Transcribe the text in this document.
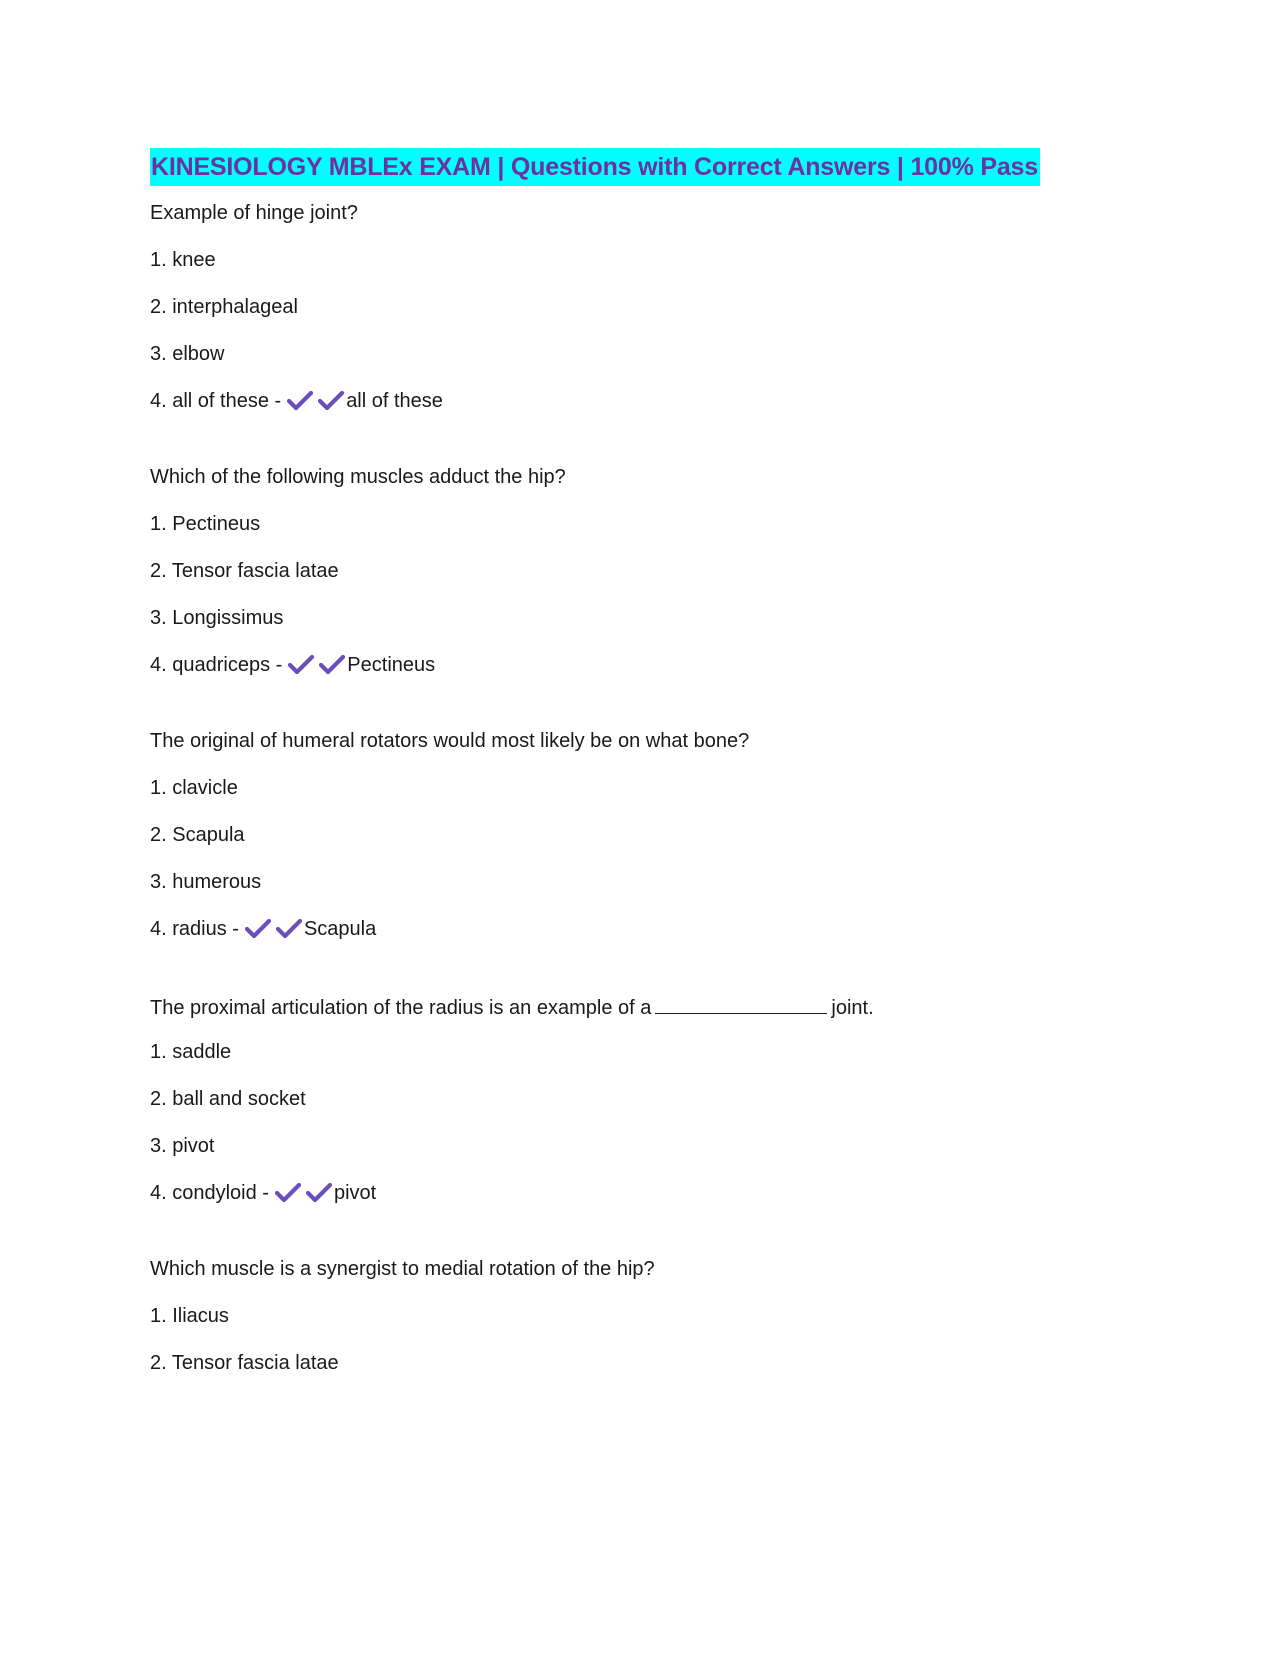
KINESIOLOGY MBLEx EXAM | Questions with Correct Answers | 100% Pass
Example of hinge joint?
1. knee
2. interphalageal
3. elbow
4. all of these -	all of these
Which of the following muscles adduct the hip?
1. Pectineus
2. Tensor fascia latae
3. Longissimus
4. quadriceps -	Pectineus
The original of humeral rotators would most likely be on what bone?
1. clavicle
2. Scapula
3. humerous
4. radius -	Scapula
The proximal articulation of the radius is an example of a	joint.
1. saddle
2. ball and socket
3. pivot
4. condyloid -	pivot
Which muscle is a synergist to medial rotation of the hip?
1. Iliacus
2. Tensor fascia latae
